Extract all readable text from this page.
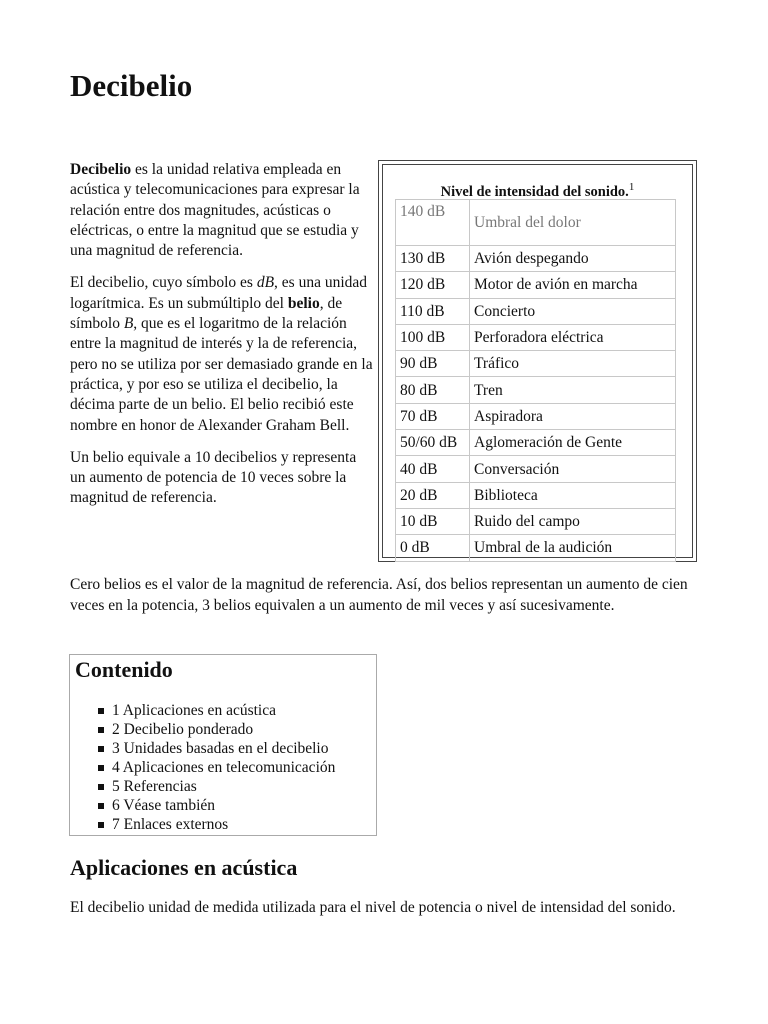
Decibelio

Decibelio es la unidad relativa empleada en acústica y telecomunicaciones para expresar la relación entre dos magnitudes, acústicas o eléctricas, o entre la magnitud que se estudia y una magnitud de referencia.

El decibelio, cuyo símbolo es dB, es una unidad logarítmica. Es un submúltiplo del belio, de símbolo B, que es el logaritmo de la relación entre la magnitud de interés y la de referencia, pero no se utiliza por ser demasiado grande en la práctica, y por eso se utiliza el decibelio, la décima parte de un belio. El belio recibió este nombre en honor de Alexander Graham Bell.

Un belio equivale a 10 decibelios y representa un aumento de potencia de 10 veces sobre la magnitud de referencia.

Nivel de intensidad del sonido.$^1$
140 dB	Umbral del dolor
130 dB	Avión despegando
120 dB	Motor de avión en marcha
110 dB	Concierto
100 dB	Perforadora eléctrica
90 dB	Tráfico
80 dB	Tren
70 dB	Aspiradora
50/60 dB	Aglomeración de Gente
40 dB	Conversación
20 dB	Biblioteca
10 dB	Ruido del campo
0 dB	Umbral de la audición

Cero belios es el valor de la magnitud de referencia. Así, dos belios representan un aumento de cien veces en la potencia, 3 belios equivalen a un aumento de mil veces y así sucesivamente.

Contenido
1 Aplicaciones en acústica
2 Decibelio ponderado
3 Unidades basadas en el decibelio
4 Aplicaciones en telecomunicación
5 Referencias
6 Véase también
7 Enlaces externos
Aplicaciones en acústica

El decibelio unidad de medida utilizada para el nivel de potencia o nivel de intensidad del sonido.
